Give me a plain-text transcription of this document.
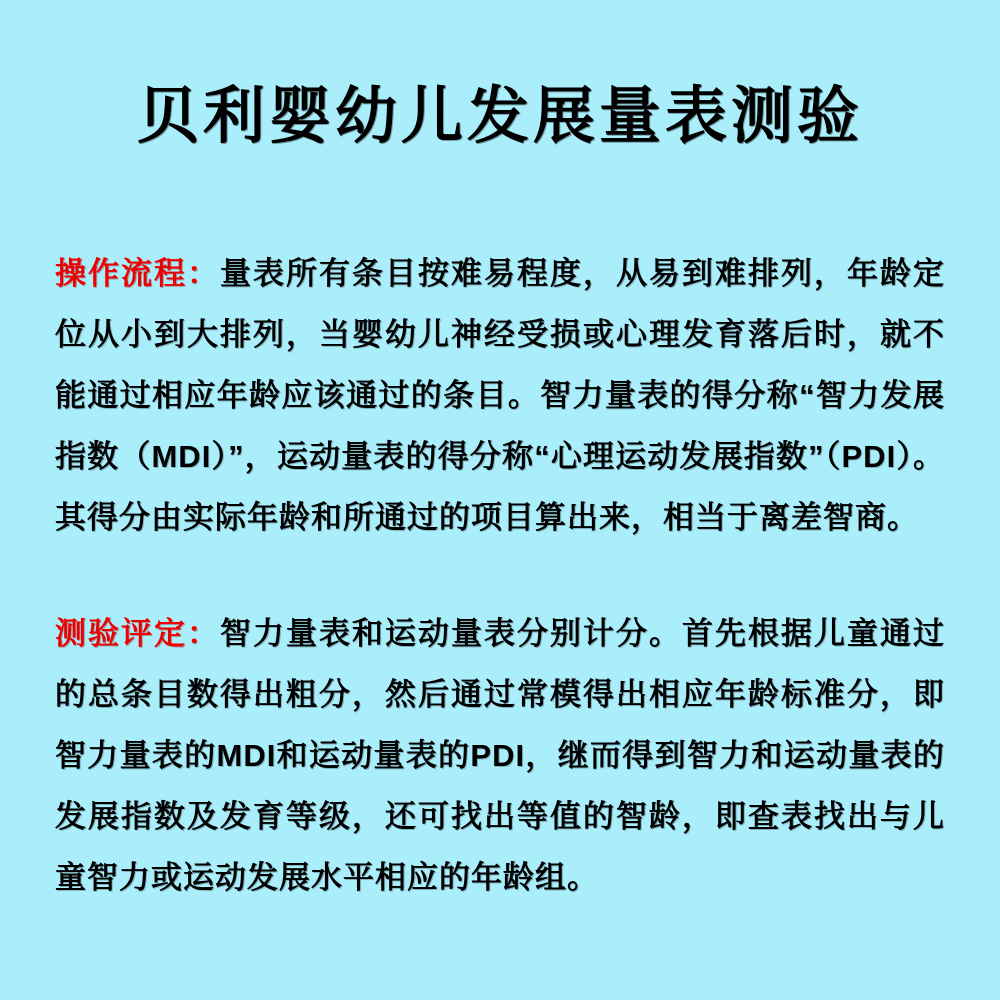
贝利婴幼儿发展量表测验

操作流程：量表所有条目按难易程度，从易到难排列，年龄定位从小到大排列，当婴幼儿神经受损或心理发育落后时，就不能通过相应年龄应该通过的条目。智力量表的得分称“智力发展指数（MDI）”，运动量表的得分称“心理运动发展指数”（PDI）。其得分由实际年龄和所通过的项目算出来，相当于离差智商。

测验评定：智力量表和运动量表分别计分。首先根据儿童通过的总条目数得出粗分，然后通过常模得出相应年龄标准分，即智力量表的MDI和运动量表的PDI，继而得到智力和运动量表的发展指数及发育等级，还可找出等值的智龄，即查表找出与儿童智力或运动发展水平相应的年龄组。
